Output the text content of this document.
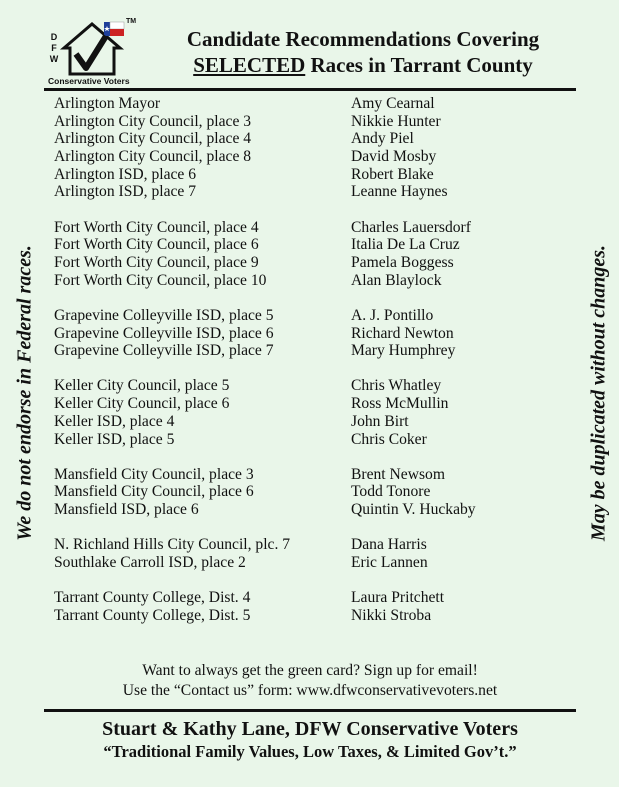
D
F
W
TM
Conservative Voters
Candidate Recommendations Covering
SELECTED Races in Tarrant County
We do not endorse in Federal races.	May be duplicated without changes.
Arlington Mayor	Amy Cearnal
Arlington City Council, place 3	Nikkie Hunter
Arlington City Council, place 4	Andy Piel
Arlington City Council, place 8	David Mosby
Arlington ISD, place 6	Robert Blake
Arlington ISD, place 7	Leanne Haynes
Fort Worth City Council, place 4	Charles Lauersdorf
Fort Worth City Council, place 6	Italia De La Cruz
Fort Worth City Council, place 9	Pamela Boggess
Fort Worth City Council, place 10	Alan Blaylock
Grapevine Colleyville ISD, place 5	A. J. Pontillo
Grapevine Colleyville ISD, place 6	Richard Newton
Grapevine Colleyville ISD, place 7	Mary Humphrey
Keller City Council, place 5	Chris Whatley
Keller City Council, place 6	Ross McMullin
Keller ISD, place 4	John Birt
Keller ISD, place 5	Chris Coker
Mansfield City Council, place 3	Brent Newsom
Mansfield City Council, place 6	Todd Tonore
Mansfield ISD, place 6	Quintin V. Huckaby
N. Richland Hills City Council, plc. 7	Dana Harris
Southlake Carroll ISD, place 2	Eric Lannen
Tarrant County College, Dist. 4	Laura Pritchett
Tarrant County College, Dist. 5	Nikki Stroba
Want to always get the green card? Sign up for email!
Use the “Contact us” form: www.dfwconservativevoters.net
Stuart & Kathy Lane, DFW Conservative Voters
“Traditional Family Values, Low Taxes, & Limited Gov’t.”
